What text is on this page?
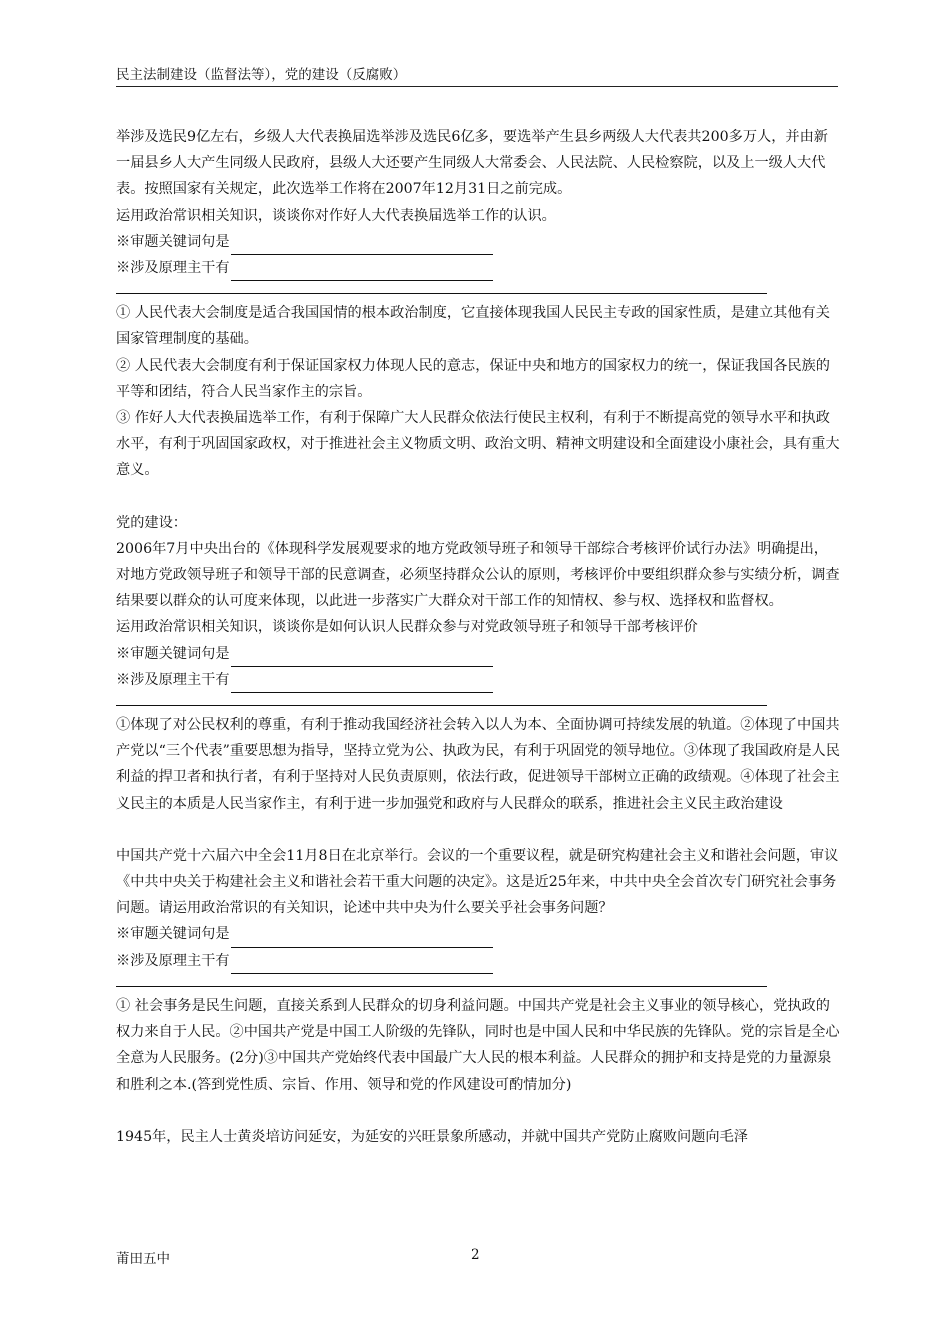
民主法制建设（监督法等），党的建设（反腐败）

举涉及选民9亿左右，乡级人大代表换届选举涉及选民6亿多，要选举产生县乡两级人大代表共200多万人，并由新一届县乡人大产生同级人民政府，县级人大还要产生同级人大常委会、人民法院、人民检察院，以及上一级人大代表。按照国家有关规定，此次选举工作将在2007年12月31日之前完成。

运用政治常识相关知识，谈谈你对作好人大代表换届选举工作的认识。

※审题关键词句是
※涉及原理主干有

① 人民代表大会制度是适合我国国情的根本政治制度，它直接体现我国人民民主专政的国家性质，是建立其他有关国家管理制度的基础。

② 人民代表大会制度有利于保证国家权力体现人民的意志，保证中央和地方的国家权力的统一，保证我国各民族的平等和团结，符合人民当家作主的宗旨。

③ 作好人大代表换届选举工作，有利于保障广大人民群众依法行使民主权利，有利于不断提高党的领导水平和执政水平，有利于巩固国家政权，对于推进社会主义物质文明、政治文明、精神文明建设和全面建设小康社会，具有重大意义。

党的建设：

2006年7月中央出台的《体现科学发展观要求的地方党政领导班子和领导干部综合考核评价试行办法》明确提出，对地方党政领导班子和领导干部的民意调查，必须坚持群众公认的原则，考核评价中要组织群众参与实绩分析，调查结果要以群众的认可度来体现，以此进一步落实广大群众对干部工作的知情权、参与权、选择权和监督权。

运用政治常识相关知识，谈谈你是如何认识人民群众参与对党政领导班子和领导干部考核评价

※审题关键词句是
※涉及原理主干有

①体现了对公民权利的尊重，有利于推动我国经济社会转入以人为本、全面协调可持续发展的轨道。②体现了中国共产党以“三个代表”重要思想为指导，坚持立党为公、执政为民，有利于巩固党的领导地位。③体现了我国政府是人民利益的捍卫者和执行者，有利于坚持对人民负责原则，依法行政，促进领导干部树立正确的政绩观。④体现了社会主义民主的本质是人民当家作主，有利于进一步加强党和政府与人民群众的联系，推进社会主义民主政治建设

中国共产党十六届六中全会11月8日在北京举行。会议的一个重要议程，就是研究构建社会主义和谐社会问题，审议《中共中央关于构建社会主义和谐社会若干重大问题的决定》。这是近25年来，中共中央全会首次专门研究社会事务问题。请运用政治常识的有关知识，论述中共中央为什么要关乎社会事务问题？

※审题关键词句是
※涉及原理主干有

① 社会事务是民生问题，直接关系到人民群众的切身利益问题。中国共产党是社会主义事业的领导核心，党执政的权力来自于人民。②中国共产党是中国工人阶级的先锋队，同时也是中国人民和中华民族的先锋队。党的宗旨是全心全意为人民服务。(2分)③中国共产党始终代表中国最广大人民的根本利益。人民群众的拥护和支持是党的力量源泉和胜利之本.(答到党性质、宗旨、作用、领导和党的作风建设可酌情加分)

1945年，民主人士黄炎培访问延安，为延安的兴旺景象所感动，并就中国共产党防止腐败问题向毛泽

莆田五中	2
